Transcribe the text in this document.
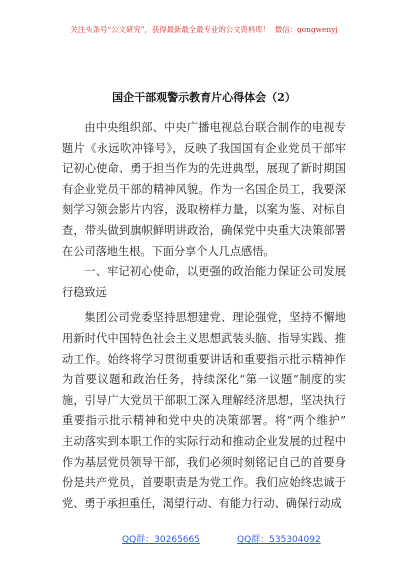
关注头条号“公文研究”，获得最新最全最专业的公文资料库！  微信：gongwenyj
国企干部观警示教育片心得体会（2）
由中央组织部、中央广播电视总台联合制作的电视专
题片《永远吹冲锋号》，反映了我国国有企业党员干部牢
记初心使命、勇于担当作为的先进典型，展现了新时期国
有企业党员干部的精神风貌。作为一名国企员工，我要深
刻学习领会影片内容，汲取榜样力量，以案为鉴、对标自
查，带头做到旗帜鲜明讲政治，确保党中央重大决策部署
在公司落地生根。下面分享个人几点感悟。
一、牢记初心使命，以更强的政治能力保证公司发展
行稳致远
集团公司党委坚持思想建党、理论强党，坚持不懈地
用新时代中国特色社会主义思想武装头脑、指导实践、推
动工作。始终将学习贯彻重要讲话和重要指示批示精神作
为首要议题和政治任务，持续深化“第一议题”制度的实
施，引导广大党员干部职工深入理解经济思想，坚决执行
重要指示批示精神和党中央的决策部署。将“两个维护”
主动落实到本职工作的实际行动和推动企业发展的过程中
作为基层党员领导干部，我们必须时刻铭记自己的首要身
份是共产党员，首要职责是为党工作。我们应始终忠诚于
党、勇于承担重任，渴望行动、有能力行动、确保行动成
QQ群：30265665	QQ群：535304092
